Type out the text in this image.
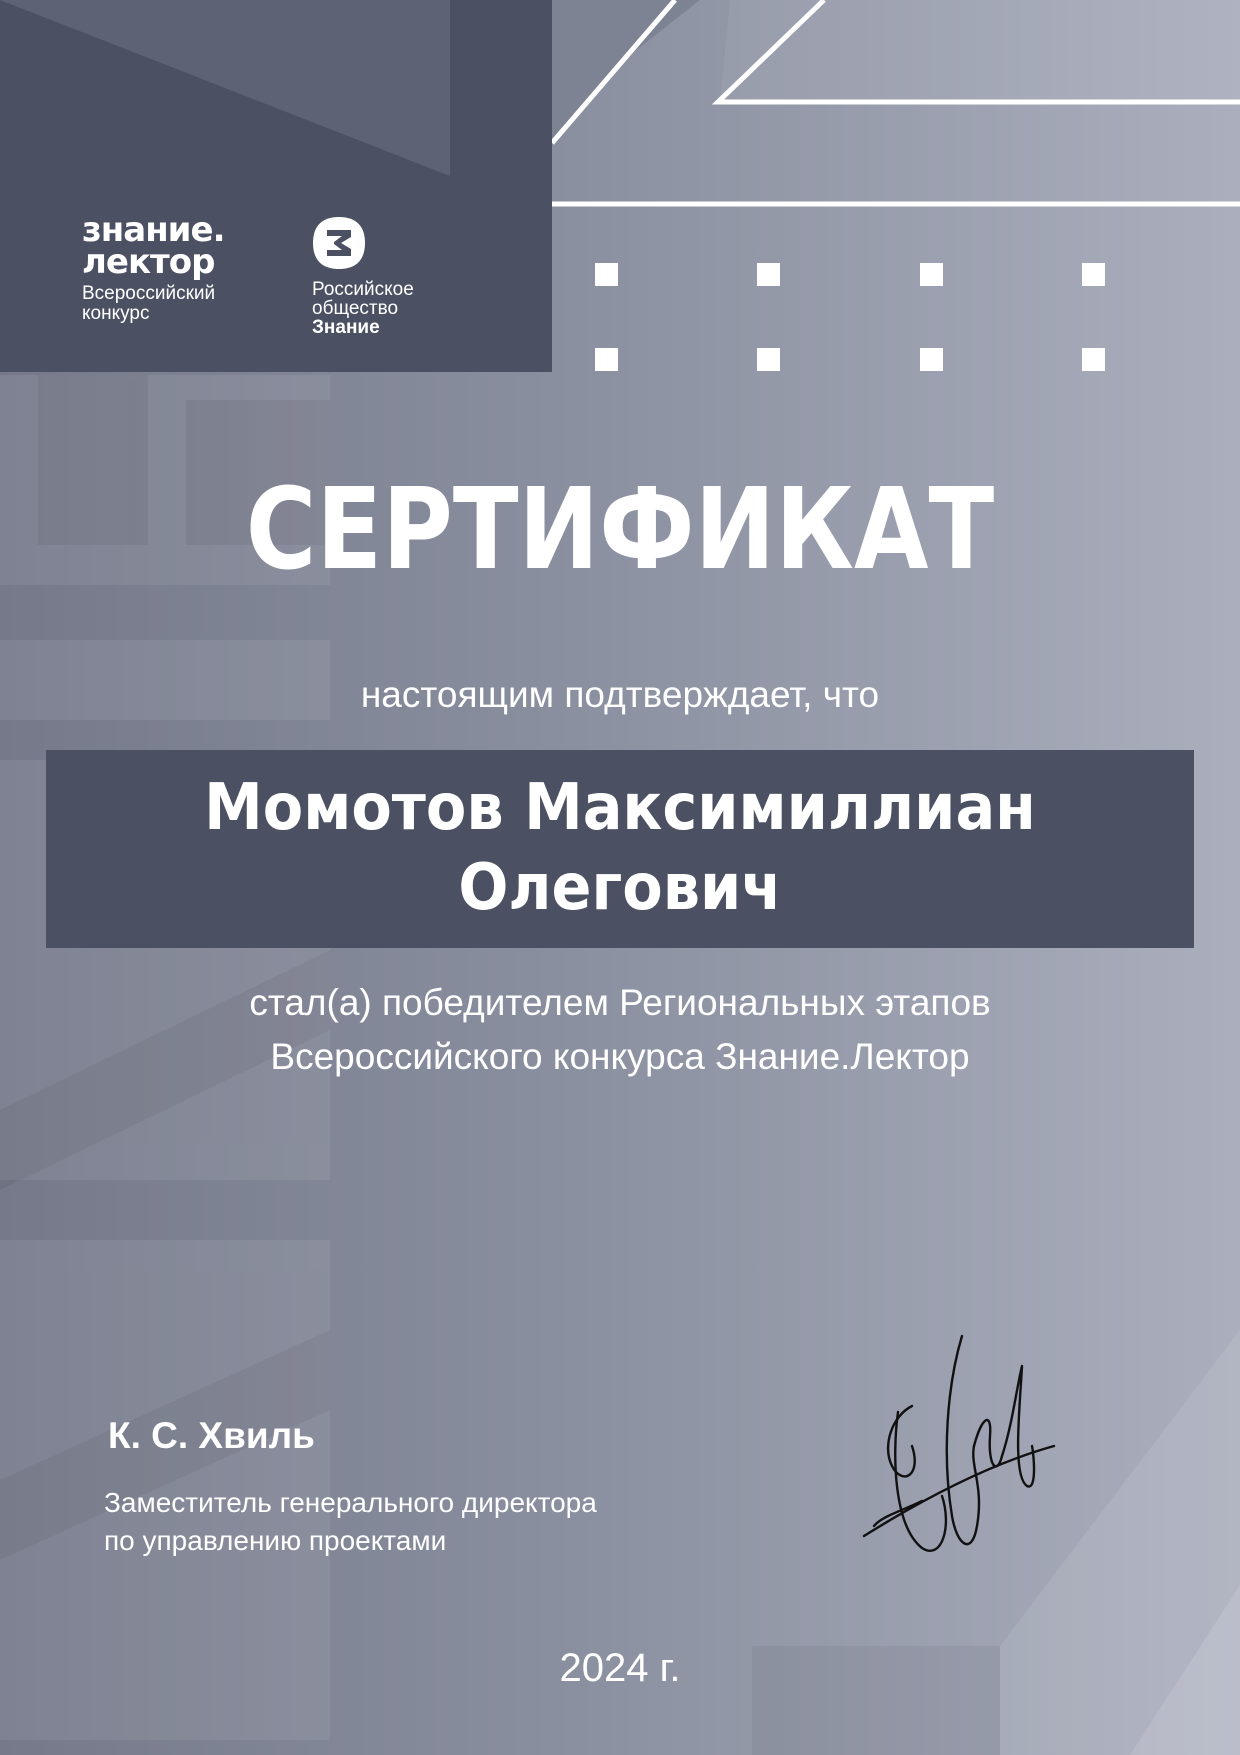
знание.
лектор
Всероссийский
конкурс
Российское
общество
Знание
СЕРТИФИКАТ
настоящим подтверждает, что
Момотов Максимиллиан
Олегович
стал(а) победителем Региональных этапов
Всероссийского конкурса Знание.Лектор
К. С. Хвиль
Заместитель генерального директора
по управлению проектами
2024 г.
